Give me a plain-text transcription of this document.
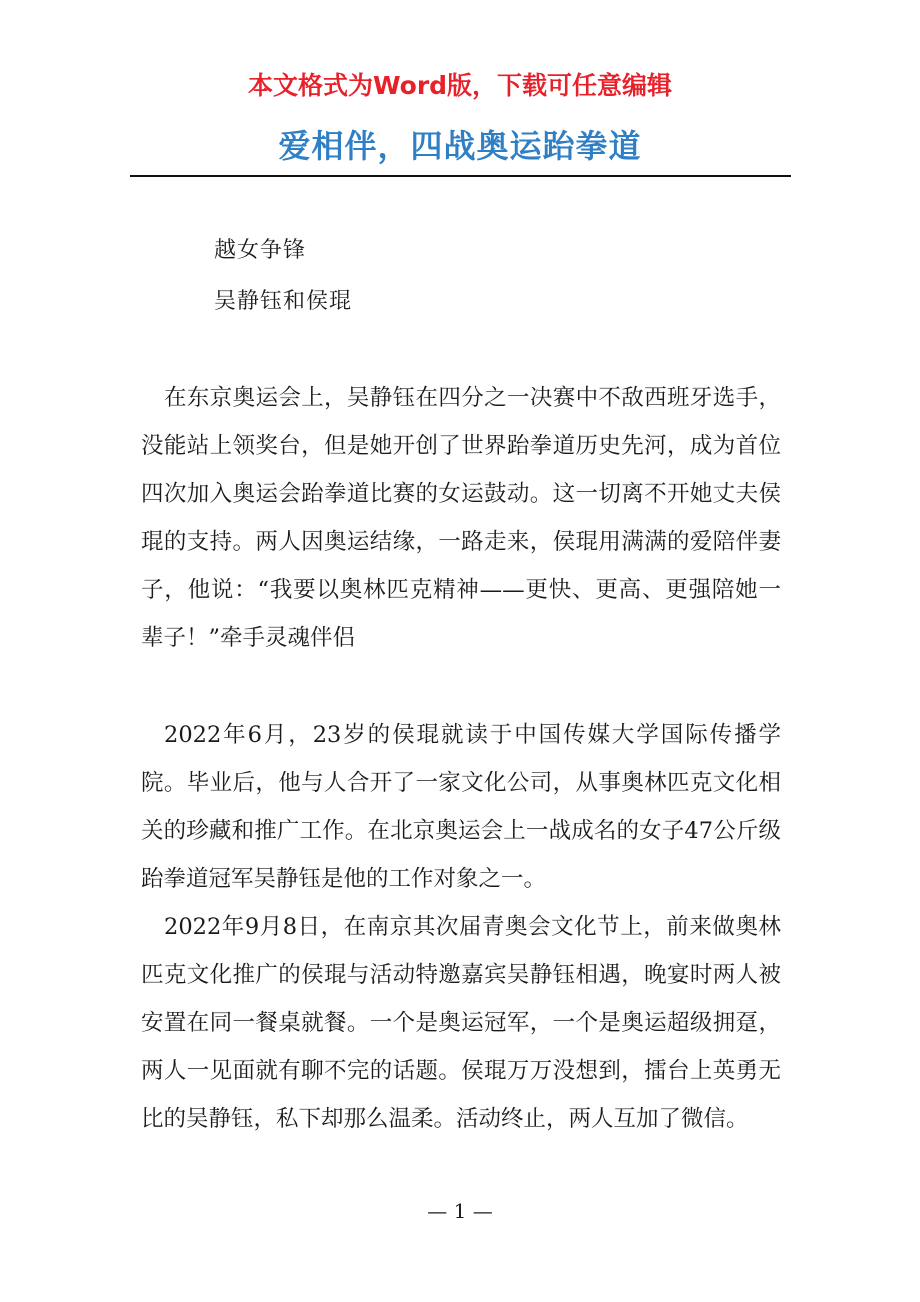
本文格式为Word版，下载可任意编辑
爱相伴，四战奥运跆拳道
越女争锋
吴静钰和侯琨

在东京奥运会上，吴静钰在四分之一决赛中不敌西班牙选手，没能站上领奖台，但是她开创了世界跆拳道历史先河，成为首位四次加入奥运会跆拳道比赛的女运鼓动。这一切离不开她丈夫侯琨的支持。两人因奥运结缘，一路走来，侯琨用满满的爱陪伴妻子，他说：“我要以奥林匹克精神——更快、更高、更强陪她一辈子！”牵手灵魂伴侣

2022年6月，23岁的侯琨就读于中国传媒大学国际传播学院。毕业后，他与人合开了一家文化公司，从事奥林匹克文化相关的珍藏和推广工作。在北京奥运会上一战成名的女子47公斤级跆拳道冠军吴静钰是他的工作对象之一。

2022年9月8日，在南京其次届青奥会文化节上，前来做奥林匹克文化推广的侯琨与活动特邀嘉宾吴静钰相遇，晚宴时两人被安置在同一餐桌就餐。一个是奥运冠军，一个是奥运超级拥趸，两人一见面就有聊不完的话题。侯琨万万没想到，擂台上英勇无比的吴静钰，私下却那么温柔。活动终止，两人互加了微信。

— 1 —
